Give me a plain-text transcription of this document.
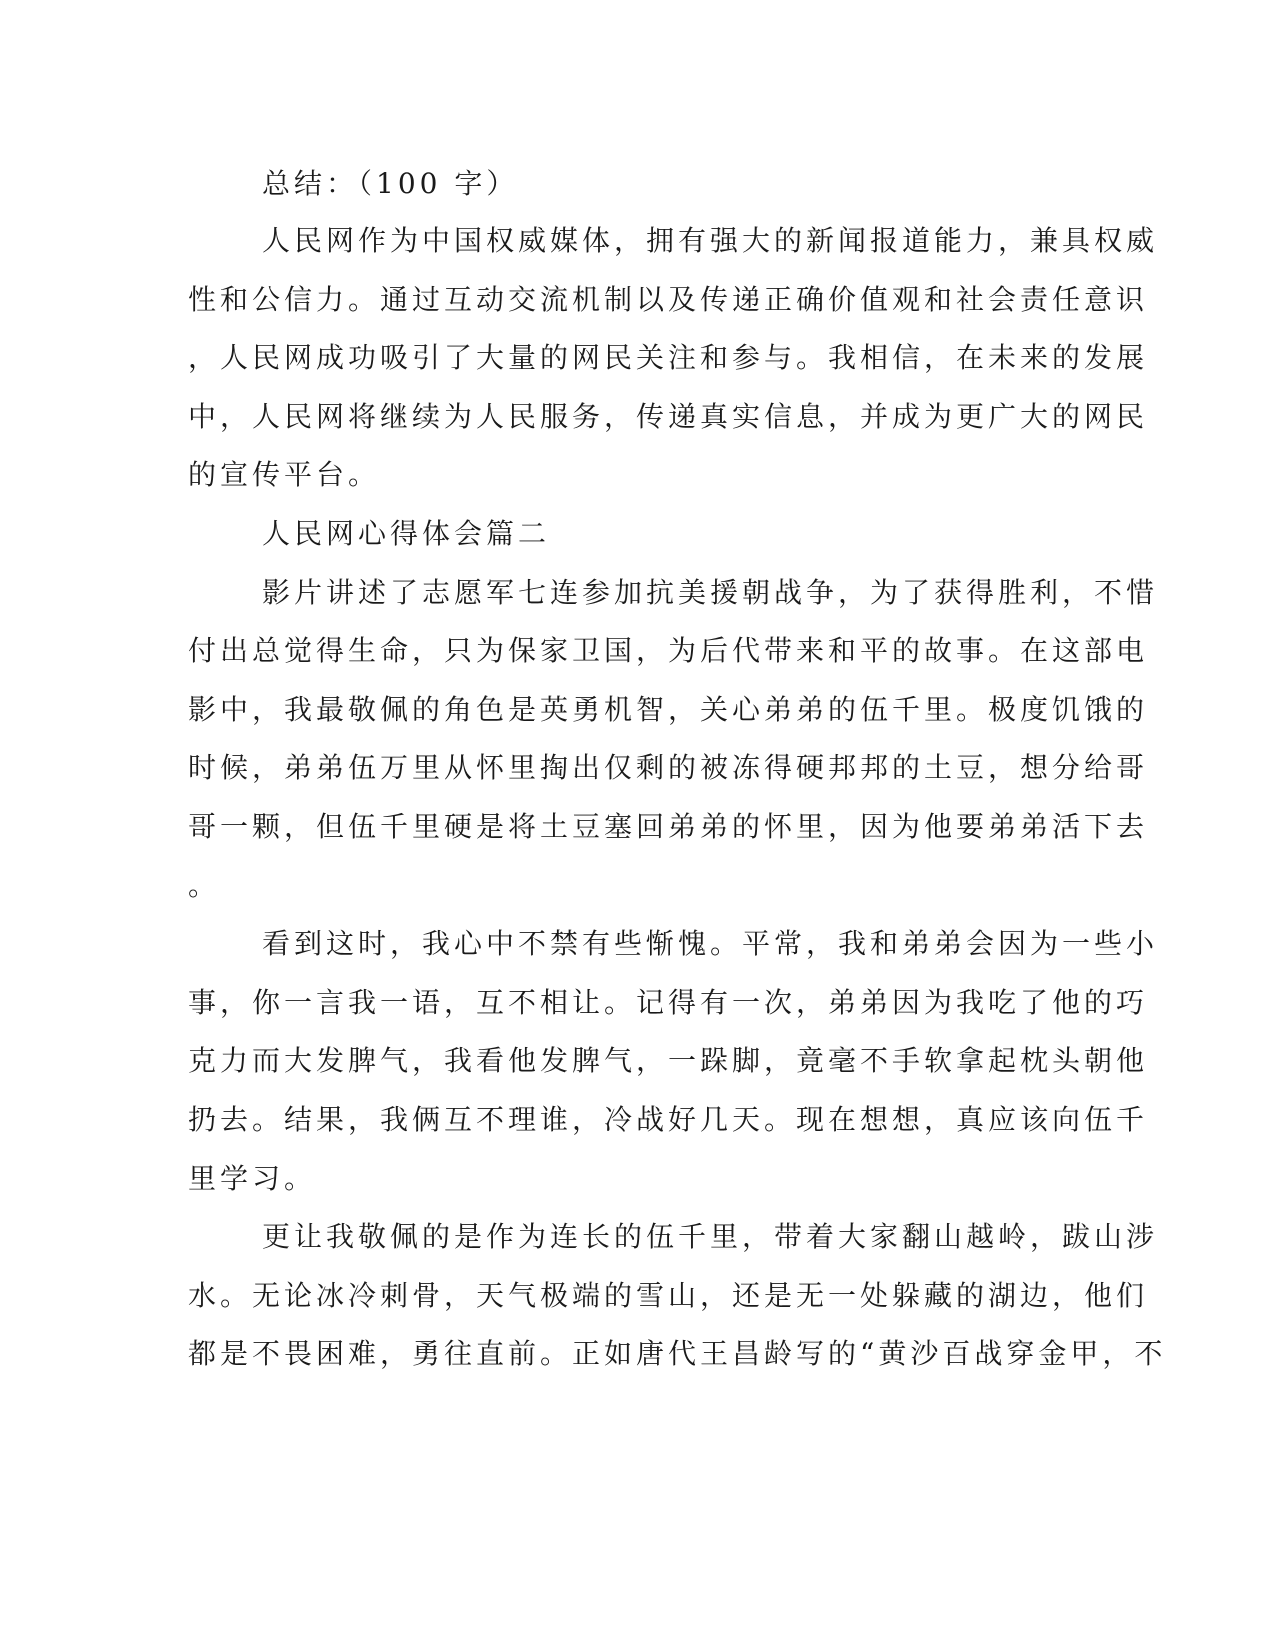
总结：（100 字）

人民网作为中国权威媒体，拥有强大的新闻报道能力，兼具权威

性和公信力。通过互动交流机制以及传递正确价值观和社会责任意识

，人民网成功吸引了大量的网民关注和参与。我相信，在未来的发展

中，人民网将继续为人民服务，传递真实信息，并成为更广大的网民

的宣传平台。

人民网心得体会篇二

影片讲述了志愿军七连参加抗美援朝战争，为了获得胜利，不惜

付出总觉得生命，只为保家卫国，为后代带来和平的故事。在这部电

影中，我最敬佩的角色是英勇机智，关心弟弟的伍千里。极度饥饿的

时候，弟弟伍万里从怀里掏出仅剩的被冻得硬邦邦的土豆，想分给哥

哥一颗，但伍千里硬是将土豆塞回弟弟的怀里，因为他要弟弟活下去

。

看到这时，我心中不禁有些惭愧。平常，我和弟弟会因为一些小

事，你一言我一语，互不相让。记得有一次，弟弟因为我吃了他的巧

克力而大发脾气，我看他发脾气，一跺脚，竟毫不手软拿起枕头朝他

扔去。结果，我俩互不理谁，冷战好几天。现在想想，真应该向伍千

里学习。

更让我敬佩的是作为连长的伍千里，带着大家翻山越岭，跋山涉

水。无论冰冷刺骨，天气极端的雪山，还是无一处躲藏的湖边，他们

都是不畏困难，勇往直前。正如唐代王昌龄写的“黄沙百战穿金甲，不
